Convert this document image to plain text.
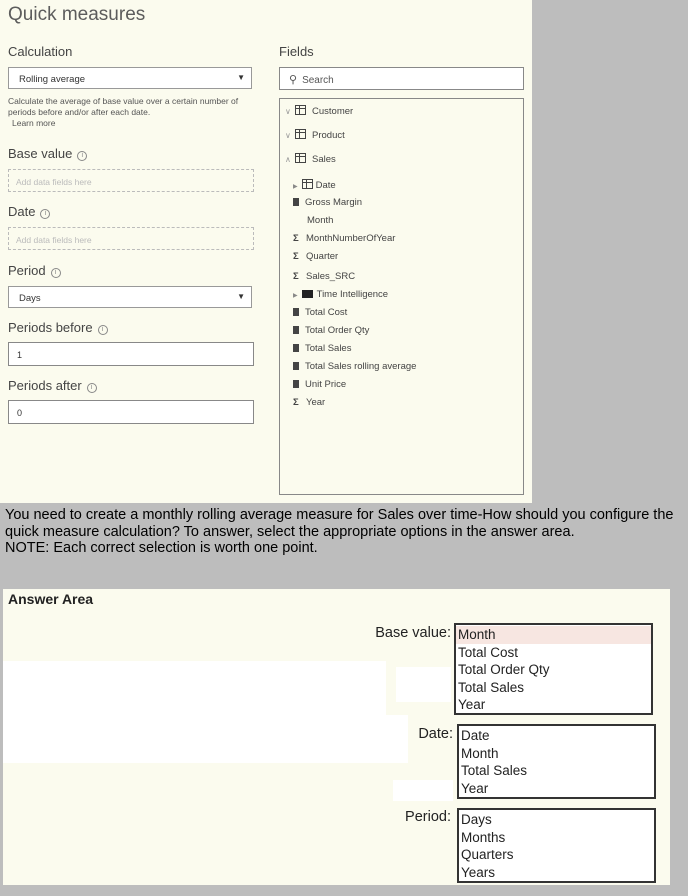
Quick measures
Calculation
Rolling average	▼
Calculate the average of base value over a certain number of periods before and/or after each date.
Learn more
Base value i
Add data fields here
Date i
Add data fields here
Period i
Days	▼
Periods before i
1
Periods after i
0
Fields
⚲ Search
∨ Customer
∨ Product
∧ Sales
▶ Date
Gross Margin
Month
Σ MonthNumberOfYear
Σ Quarter
Σ Sales_SRC
▶ Time Intelligence
Total Cost
Total Order Qty
Total Sales
Total Sales rolling average
Unit Price
Σ Year
You need to create a monthly rolling average measure for Sales over time-How should you configure the quick measure calculation? To answer, select the appropriate options in the answer area.
NOTE: Each correct selection is worth one point.
Answer Area
Base value: Month
Total Cost
Total Order Qty
Total Sales
Year
Date: Date
Month
Total Sales
Year
Period: Days
Months
Quarters
Years
